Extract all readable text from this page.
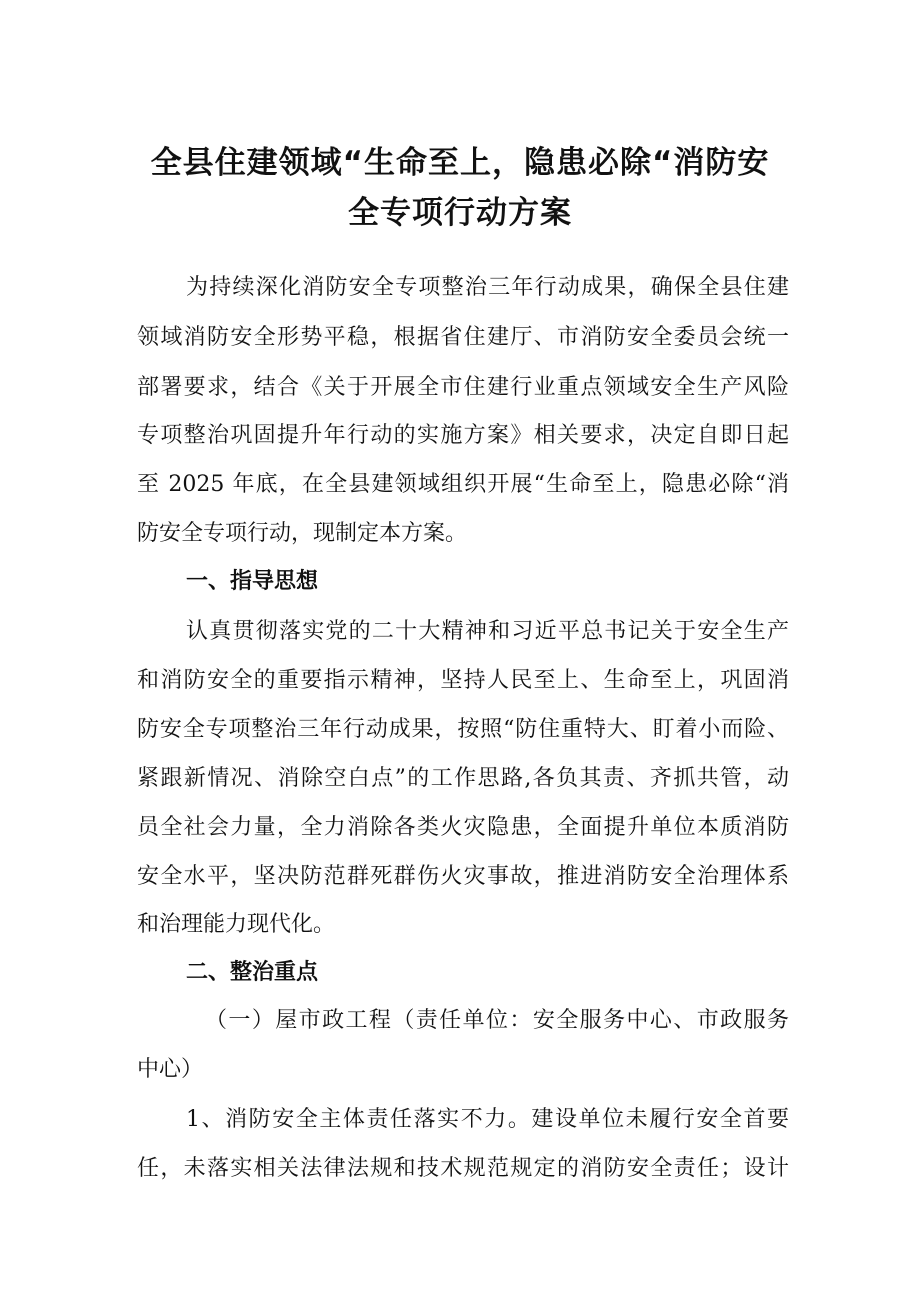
全县住建领域“生命至上，隐患必除“消防安
全专项行动方案
为持续深化消防安全专项整治三年行动成果，确保全县住建
领域消防安全形势平稳，根据省住建厅、市消防安全委员会统一
部署要求，结合《关于开展全市住建行业重点领域安全生产风险
专项整治巩固提升年行动的实施方案》相关要求，决定自即日起
至 2025 年底，在全县建领域组织开展“生命至上，隐患必除“消
防安全专项行动，现制定本方案。
一、指导思想
认真贯彻落实党的二十大精神和习近平总书记关于安全生产
和消防安全的重要指示精神，坚持人民至上、生命至上，巩固消
防安全专项整治三年行动成果，按照“防住重特大、盯着小而险、
紧跟新情况、消除空白点”的工作思路,各负其责、齐抓共管，动
员全社会力量，全力消除各类火灾隐患，全面提升单位本质消防
安全水平，坚决防范群死群伤火灾事故，推进消防安全治理体系
和治理能力现代化。
二、整治重点
（一）屋市政工程（责任单位：安全服务中心、市政服务
中心）
1、消防安全主体责任落实不力。建设单位未履行安全首要
任，未落实相关法律法规和技术规范规定的消防安全责任；设计
